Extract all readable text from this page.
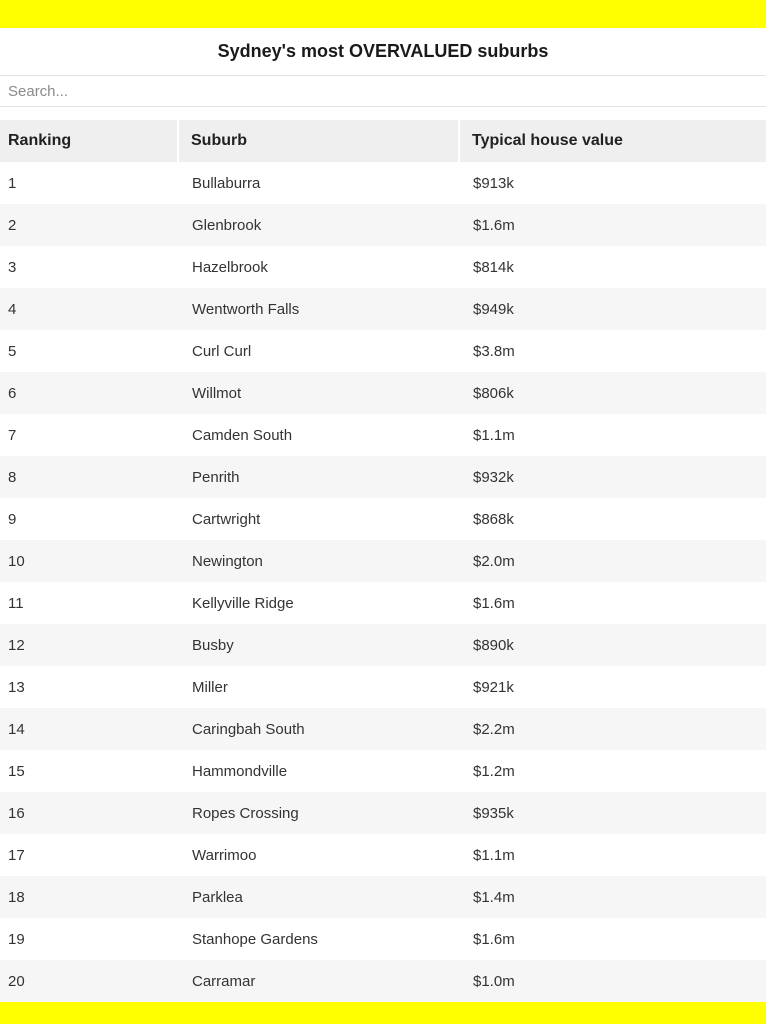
Sydney's most OVERVALUED suburbs
Search...
Ranking	Suburb	Typical house value
1	Bullaburra	$913k
2	Glenbrook	$1.6m
3	Hazelbrook	$814k
4	Wentworth Falls	$949k
5	Curl Curl	$3.8m
6	Willmot	$806k
7	Camden South	$1.1m
8	Penrith	$932k
9	Cartwright	$868k
10	Newington	$2.0m
11	Kellyville Ridge	$1.6m
12	Busby	$890k
13	Miller	$921k
14	Caringbah South	$2.2m
15	Hammondville	$1.2m
16	Ropes Crossing	$935k
17	Warrimoo	$1.1m
18	Parklea	$1.4m
19	Stanhope Gardens	$1.6m
20	Carramar	$1.0m
